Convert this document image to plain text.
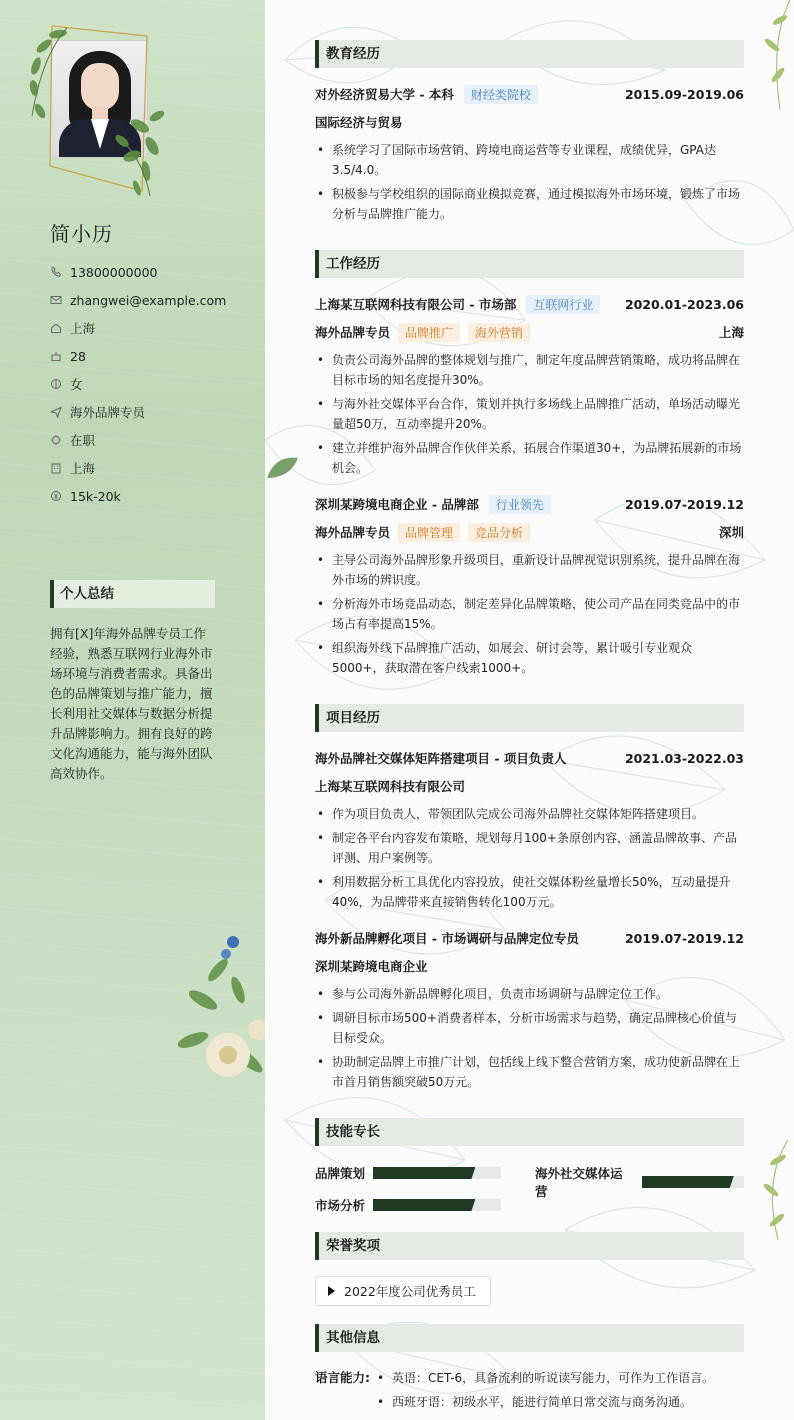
简小历
13800000000
zhangwei@example.com
上海
28
女
海外品牌专员
在职
上海
15k-20k
个人总结
拥有[X]年海外品牌专员工作经验，熟悉互联网行业海外市场环境与消费者需求。具备出色的品牌策划与推广能力，擅长利用社交媒体与数据分析提升品牌影响力。拥有良好的跨文化沟通能力，能与海外团队高效协作。
教育经历
对外经济贸易大学 - 本科	财经类院校	2015.09-2019.06
国际经济与贸易
• 系统学习了国际市场营销、跨境电商运营等专业课程，成绩优异，GPA达3.5/4.0。
• 积极参与学校组织的国际商业模拟竞赛，通过模拟海外市场环境，锻炼了市场分析与品牌推广能力。
工作经历
上海某互联网科技有限公司 - 市场部	互联网行业	2020.01-2023.06
海外品牌专员	品牌推广	海外营销	上海
• 负责公司海外品牌的整体规划与推广，制定年度品牌营销策略，成功将品牌在目标市场的知名度提升30%。
• 与海外社交媒体平台合作，策划并执行多场线上品牌推广活动，单场活动曝光量超50万，互动率提升20%。
• 建立并维护海外品牌合作伙伴关系，拓展合作渠道30+，为品牌拓展新的市场机会。
深圳某跨境电商企业 - 品牌部	行业领先	2019.07-2019.12
海外品牌专员	品牌管理	竞品分析	深圳
• 主导公司海外品牌形象升级项目，重新设计品牌视觉识别系统，提升品牌在海外市场的辨识度。
• 分析海外市场竞品动态，制定差异化品牌策略，使公司产品在同类竞品中的市场占有率提高15%。
• 组织海外线下品牌推广活动，如展会、研讨会等，累计吸引专业观众5000+，获取潜在客户线索1000+。
项目经历
海外品牌社交媒体矩阵搭建项目 - 项目负责人	2021.03-2022.03
上海某互联网科技有限公司
• 作为项目负责人，带领团队完成公司海外品牌社交媒体矩阵搭建项目。
• 制定各平台内容发布策略，规划每月100+条原创内容，涵盖品牌故事、产品评测、用户案例等。
• 利用数据分析工具优化内容投放，使社交媒体粉丝量增长50%，互动量提升40%，为品牌带来直接销售转化100万元。
海外新品牌孵化项目 - 市场调研与品牌定位专员	2019.07-2019.12
深圳某跨境电商企业
• 参与公司海外新品牌孵化项目，负责市场调研与品牌定位工作。
• 调研目标市场500+消费者样本，分析市场需求与趋势，确定品牌核心价值与目标受众。
• 协助制定品牌上市推广计划，包括线上线下整合营销方案，成功使新品牌在上市首月销售额突破50万元。
技能专长
品牌策划	海外社交媒体运营
市场分析
荣誉奖项
2022年度公司优秀员工
其他信息
语言能力:
•	英语：CET-6，具备流利的听说读写能力，可作为工作语言。
• 西班牙语：初级水平，能进行简单日常交流与商务沟通。
